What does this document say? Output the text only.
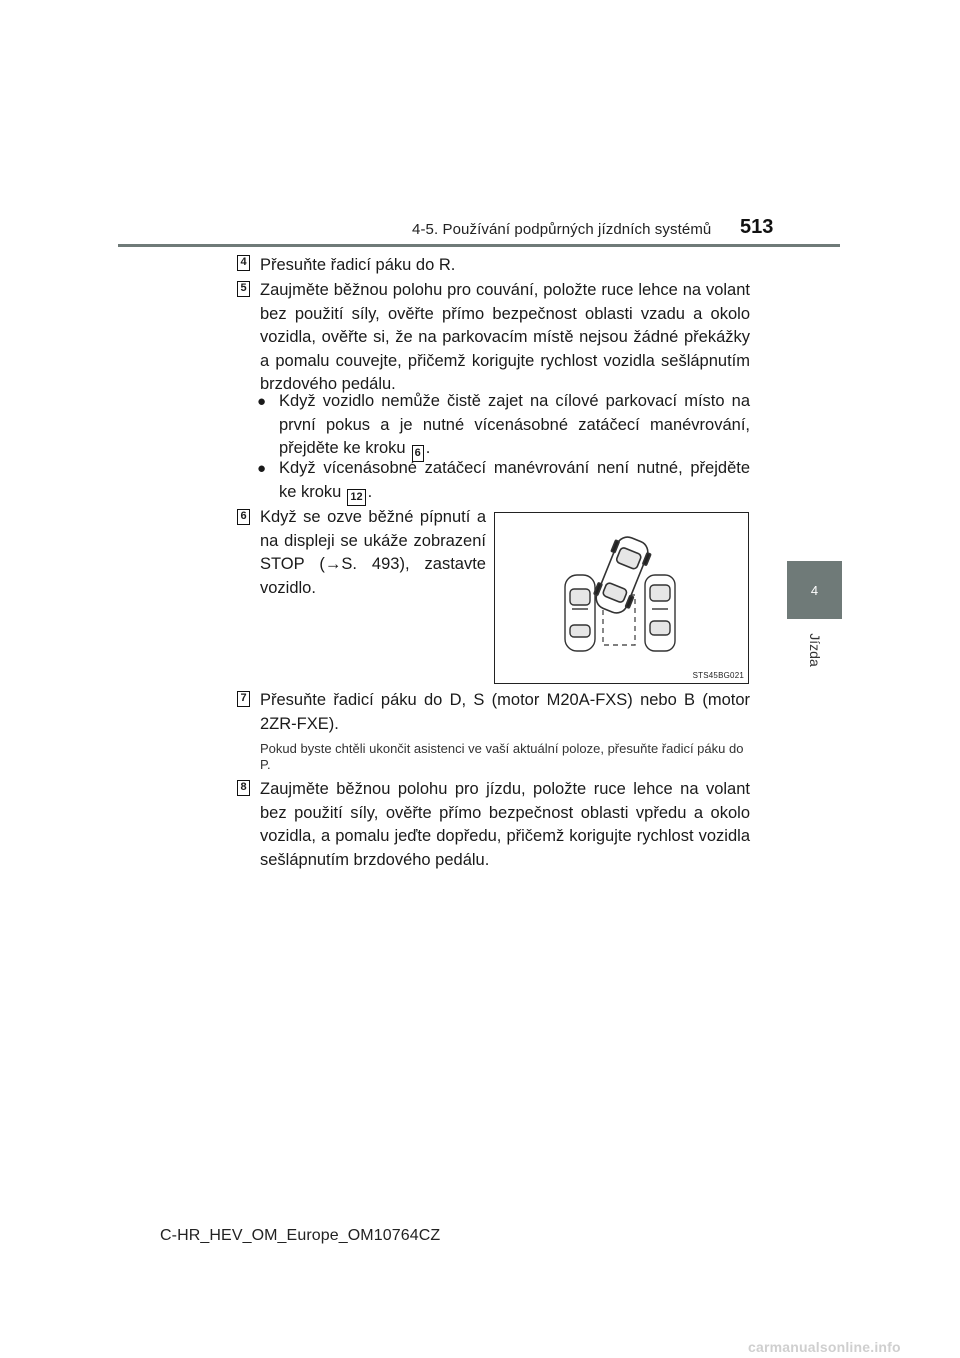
4-5. Používání podpůrných jízdních systémů 513
4
Jízda
4 Přesuňte řadicí páku do R.
5 Zaujměte běžnou polohu pro couvání, položte ruce lehce na volant bez použití síly, ověřte přímo bezpečnost oblasti vzadu a okolo vozidla, ověřte si, že na parkovacím místě nejsou žádné překážky a pomalu couvejte, přičemž korigujte rychlost vozidla sešlápnutím brzdového pedálu.
● Když vozidlo nemůže čistě zajet na cílové parkovací místo na první pokus a je nutné vícenásobné zatáčecí manévrování, přejděte ke kroku 6 .
● Když vícenásobné zatáčecí manévrování není nutné, přejděte ke kroku 12 .
6 Když se ozve běžné pípnutí a na displeji se ukáže zobrazení STOP (→S. 493), zastavte vozidlo.
STS45BG021
7 Přesuňte řadicí páku do D, S (motor M20A-FXS) nebo B (motor 2ZR-FXE).
Pokud byste chtěli ukončit asistenci ve vaší aktuální poloze, přesuňte řadicí páku do P.
8 Zaujměte běžnou polohu pro jízdu, položte ruce lehce na volant bez použití síly, ověřte přímo bezpečnost oblasti vpředu a okolo vozidla, a pomalu jeďte dopředu, přičemž korigujte rychlost vozidla sešlápnutím brzdového pedálu.
C-HR_HEV_OM_Europe_OM10764CZ
carmanualsonline.info
